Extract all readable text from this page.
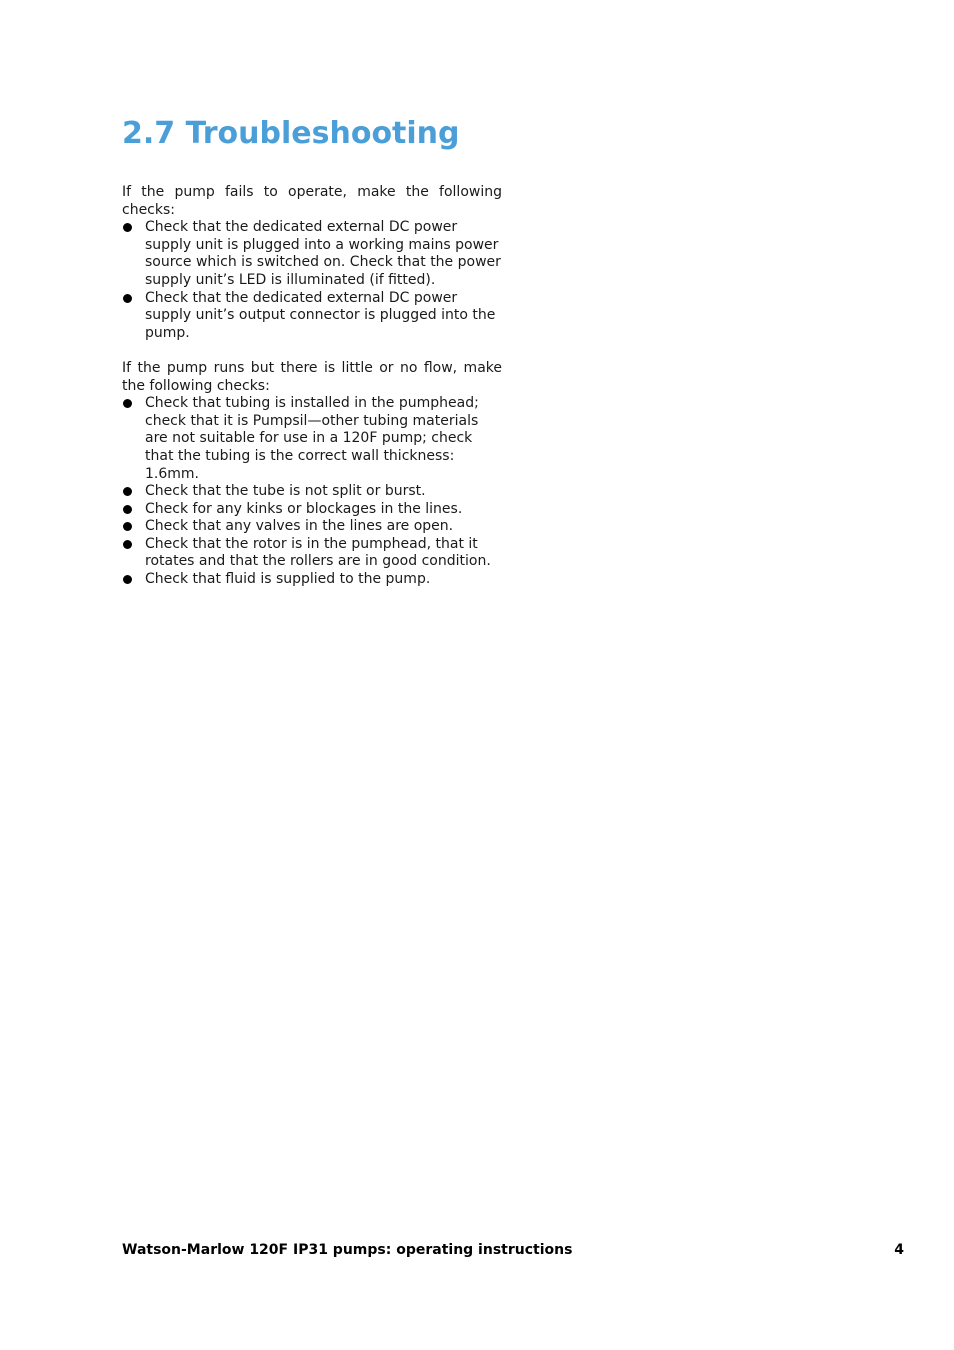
2.7 Troubleshooting

If the pump fails to operate, make the following checks:

Check that the dedicated external DC power supply unit is plugged into a working mains power source which is switched on. Check that the power supply unit’s LED is illuminated (if fitted).
Check that the dedicated external DC power supply unit’s output connector is plugged into the pump.

If the pump runs but there is little or no flow, make the following checks:

Check that tubing is installed in the pumphead; check that it is Pumpsil—other tubing materials are not suitable for use in a 120F pump; check that the tubing is the correct wall thickness: 1.6mm.
Check that the tube is not split or burst.
Check for any kinks or blockages in the lines.
Check that any valves in the lines are open.
Check that the rotor is in the pumphead, that it rotates and that the rollers are in good condition.
Check that fluid is supplied to the pump.
Watson-Marlow 120F IP31 pumps: operating instructions	4
